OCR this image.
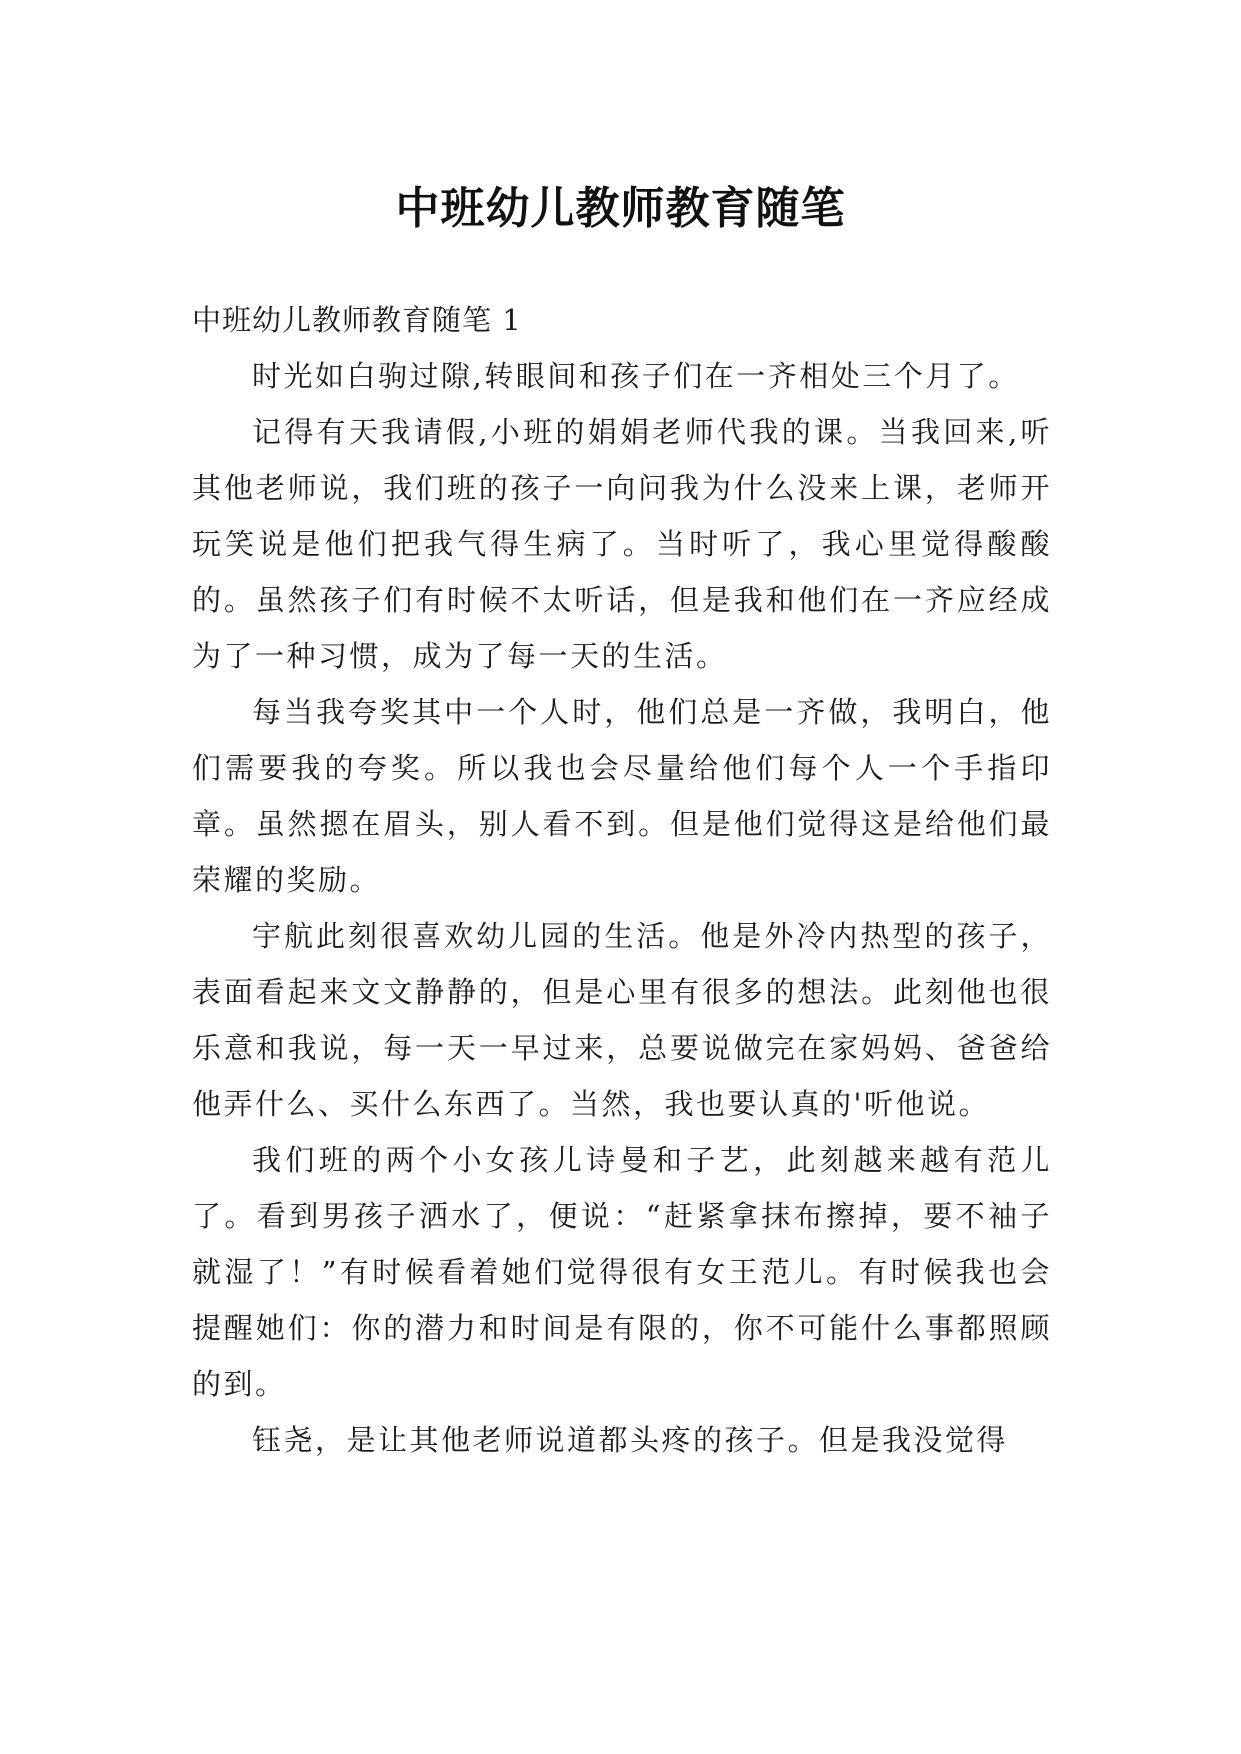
中班幼儿教师教育随笔

中班幼儿教师教育随笔 1

时光如白驹过隙,转眼间和孩子们在一齐相处三个月了。

记得有天我请假,小班的娟娟老师代我的课。当我回来,听其他老师说，我们班的孩子一向问我为什么没来上课，老师开玩笑说是他们把我气得生病了。当时听了，我心里觉得酸酸的。虽然孩子们有时候不太听话，但是我和他们在一齐应经成为了一种习惯，成为了每一天的生活。

每当我夸奖其中一个人时，他们总是一齐做，我明白，他们需要我的夸奖。所以我也会尽量给他们每个人一个手指印章。虽然摁在眉头，别人看不到。但是他们觉得这是给他们最荣耀的奖励。

宇航此刻很喜欢幼儿园的生活。他是外冷内热型的孩子，表面看起来文文静静的，但是心里有很多的想法。此刻他也很乐意和我说，每一天一早过来，总要说做完在家妈妈、爸爸给他弄什么、买什么东西了。当然，我也要认真的'听他说。

我们班的两个小女孩儿诗曼和子艺，此刻越来越有范儿了。看到男孩子洒水了，便说：“赶紧拿抹布擦掉，要不袖子就湿了！”有时候看着她们觉得很有女王范儿。有时候我也会提醒她们：你的潜力和时间是有限的，你不可能什么事都照顾的到。

钰尧，是让其他老师说道都头疼的孩子。但是我没觉得
